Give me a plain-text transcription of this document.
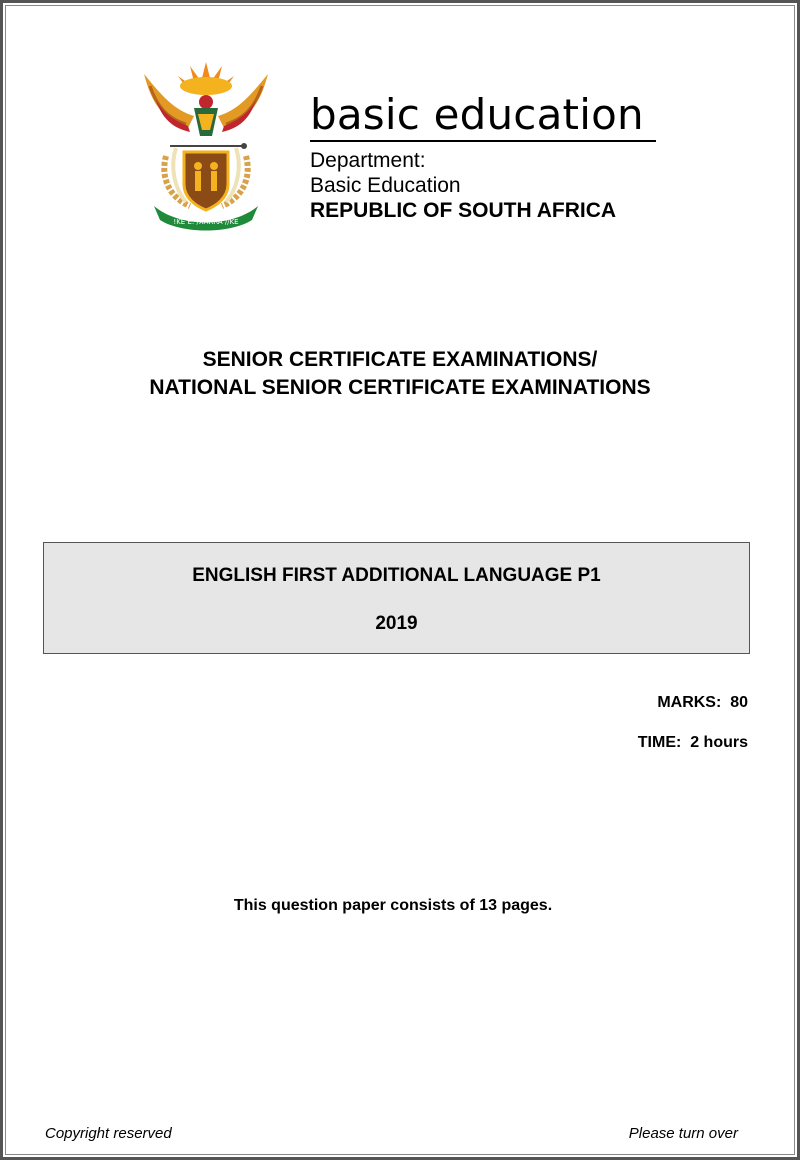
!KE E: /XARRA //KE
basic education
Department:
Basic Education
REPUBLIC OF SOUTH AFRICA
SENIOR CERTIFICATE EXAMINATIONS/
NATIONAL SENIOR CERTIFICATE EXAMINATIONS
ENGLISH FIRST ADDITIONAL LANGUAGE P1
2019
MARKS:  80
TIME:  2 hours
This question paper consists of 13 pages.
Copyright reserved	Please turn over
